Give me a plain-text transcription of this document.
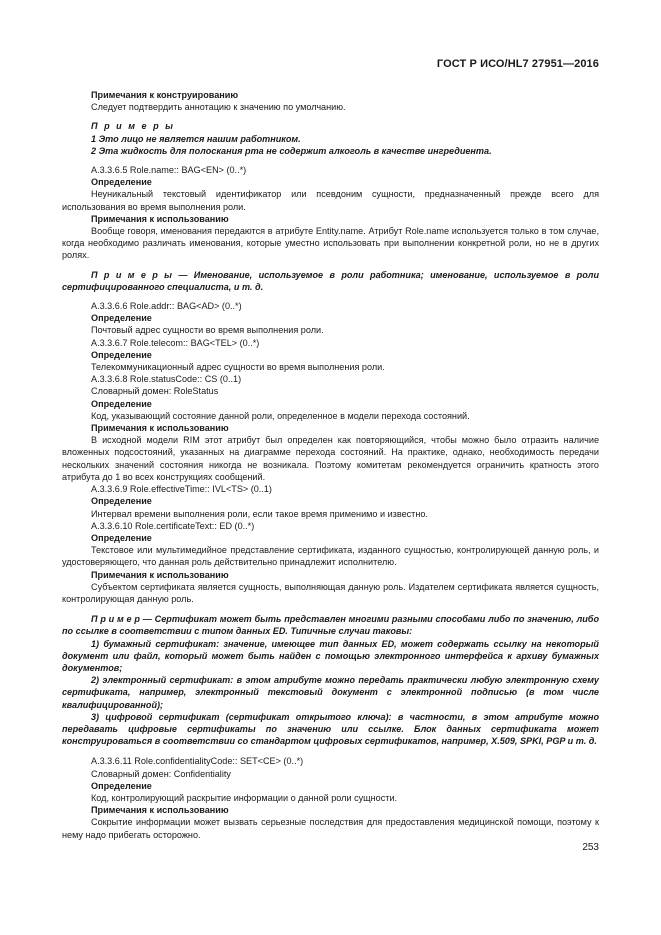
ГОСТ Р ИСО/HL7 27951—2016

Примечания к конструированию

Следует подтвердить аннотацию к значению по умолчанию.

П р и м е р ы

1 Это лицо не является нашим работником.

2 Эта жидкость для полоскания рта не содержит алкоголь в качестве ингредиента.

A.3.3.6.5 Role.name:: BAG<EN> (0..*)

Определение

Неуникальный текстовый идентификатор или псевдоним сущности, предназначенный прежде всего для использования во время выполнения роли.

Примечания к использованию

Вообще говоря, именования передаются в атрибуте Entity.name. Атрибут Role.name используется только в том случае, когда необходимо различать именования, которые уместно использовать при выполнении конкретной роли, но не в других ролях.

П р и м е р ы — Именование, используемое в роли работника; именование, используемое в роли сертифицированного специалиста, и т. д.

A.3.3.6.6 Role.addr:: BAG<AD> (0..*)

Определение

Почтовый адрес сущности во время выполнения роли.

A.3.3.6.7 Role.telecom:: BAG<TEL> (0..*)

Определение

Телекоммуникационный адрес сущности во время выполнения роли.

A.3.3.6.8 Role.statusCode:: CS (0..1)

Словарный домен: RoleStatus

Определение

Код, указывающий состояние данной роли, определенное в модели перехода состояний.

Примечания к использованию

В исходной модели RIM этот атрибут был определен как повторяющийся, чтобы можно было отразить наличие вложенных подсостояний, указанных на диаграмме перехода состояний. На практике, однако, необходимость передачи нескольких значений состояния никогда не возникала. Поэтому комитетам рекомендуется ограничить кратность этого атрибута до 1 во всех конструкциях сообщений.

A.3.3.6.9 Role.effectiveTime:: IVL<TS> (0..1)

Определение

Интервал времени выполнения роли, если такое время применимо и известно.

A.3.3.6.10 Role.certificateText:: ED (0..*)

Определение

Текстовое или мультимедийное представление сертификата, изданного сущностью, контролирующей данную роль, и удостоверяющего, что данная роль действительно принадлежит исполнителю.

Примечания к использованию

Субъектом сертификата является сущность, выполняющая данную роль. Издателем сертификата является сущность, контролирующая данную роль.

П р и м е р — Сертификат может быть представлен многими разными способами либо по значению, либо по ссылке в соответствии с типом данных ED. Типичные случаи таковы:

1) бумажный сертификат: значение, имеющее тип данных ED, может содержать ссылку на некоторый документ или файл, который может быть найден с помощью электронного интерфейса к архиву бумажных документов;

2) электронный сертификат: в этом атрибуте можно передать практически любую электронную схему сертификата, например, электронный текстовый документ с электронной подписью (в том числе квалифицированной);

3) цифровой сертификат (сертификат открытого ключа): в частности, в этом атрибуте можно передавать цифровые сертификаты по значению или ссылке. Блок данных сертификата может конструироваться в соответствии со стандартом цифровых сертификатов, например, X.509, SPKI, PGP и т. д.

A.3.3.6.11 Role.confidentialityCode:: SET<CE> (0..*)

Словарный домен: Confidentiality

Определение

Код, контролирующий раскрытие информации о данной роли сущности.

Примечания к использованию

Сокрытие информации может вызвать серьезные последствия для предоставления медицинской помощи, поэтому к нему надо прибегать осторожно.

253
